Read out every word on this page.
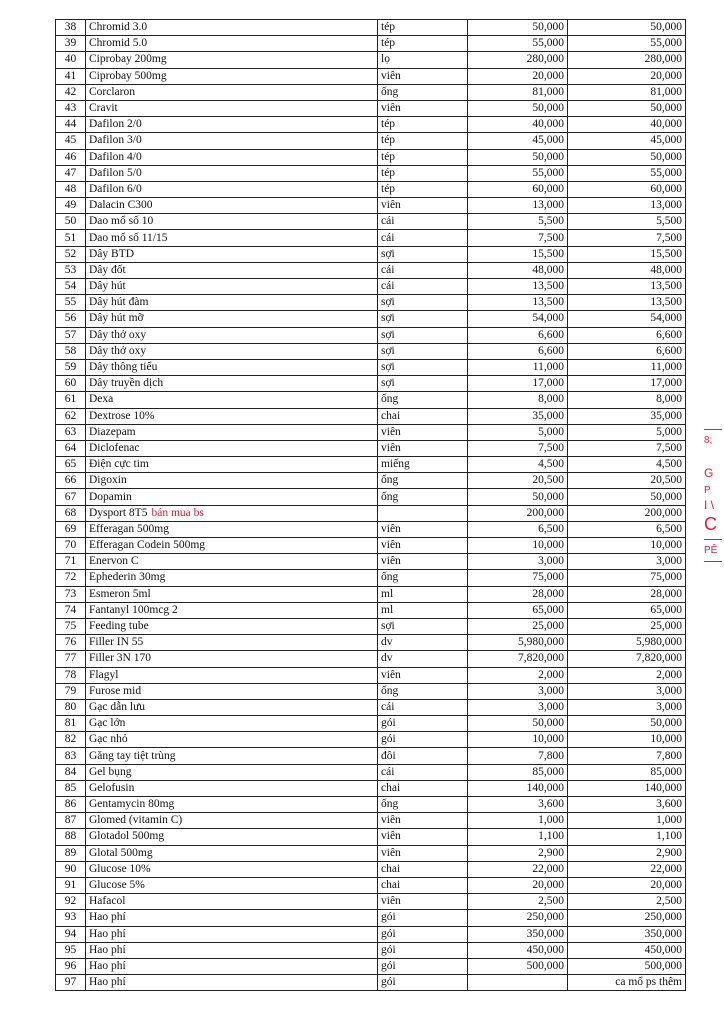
38	Chromid 3.0	tép	50,000	50,000
39	Chromid 5.0	tép	55,000	55,000
40	Ciprobay 200mg	lọ	280,000	280,000
41	Ciprobay 500mg	viên	20,000	20,000
42	Corclaron	ống	81,000	81,000
43	Cravit	viên	50,000	50,000
44	Dafilon 2/0	tép	40,000	40,000
45	Dafilon 3/0	tép	45,000	45,000
46	Dafilon 4/0	tép	50,000	50,000
47	Dafilon 5/0	tép	55,000	55,000
48	Dafilon 6/0	tép	60,000	60,000
49	Dalacin C300	viên	13,000	13,000
50	Dao mổ số 10	cái	5,500	5,500
51	Dao mổ số 11/15	cái	7,500	7,500
52	Dây BTD	sợi	15,500	15,500
53	Dây đốt	cái	48,000	48,000
54	Dây hút	cái	13,500	13,500
55	Dây hút đàm	sợi	13,500	13,500
56	Dây hút mỡ	sợi	54,000	54,000
57	Dây thở oxy	sợi	6,600	6,600
58	Dây thở oxy	sợi	6,600	6,600
59	Dây thông tiểu	sợi	11,000	11,000
60	Dây truyền dịch	sợi	17,000	17,000
61	Dexa	ống	8,000	8,000
62	Dextrose 10%	chai	35,000	35,000
63	Diazepam	viên	5,000	5,000
64	Diclofenac	viên	7,500	7,500
65	Điện cực tim	miếng	4,500	4,500
66	Digoxin	ống	20,500	20,500
67	Dopamin	ống	50,000	50,000
68	Dysport 8T5 bán mua bs		200,000	200,000
69	Efferagan 500mg	viên	6,500	6,500
70	Efferagan Codein 500mg	viên	10,000	10,000
71	Enervon C	viên	3,000	3,000
72	Ephederin 30mg	ống	75,000	75,000
73	Esmeron 5ml	ml	28,000	28,000
74	Fantanyl 100mcg 2	ml	65,000	65,000
75	Feeding tube	sợi	25,000	25,000
76	Filler IN 55	dv	5,980,000	5,980,000
77	Filler 3N 170	dv	7,820,000	7,820,000
78	Flagyl	viên	2,000	2,000
79	Furose mid	ống	3,000	3,000
80	Gạc dẫn lưu	cái	3,000	3,000
81	Gạc lớn	gói	50,000	50,000
82	Gạc nhỏ	gói	10,000	10,000
83	Găng tay tiệt trùng	đôi	7,800	7,800
84	Gel bụng	cái	85,000	85,000
85	Gelofusin	chai	140,000	140,000
86	Gentamycin 80mg	ống	3,600	3,600
87	Glomed (vitamin C)	viên	1,000	1,000
88	Glotadol 500mg	viên	1,100	1,100
89	Glotal 500mg	viên	2,900	2,900
90	Glucose 10%	chai	22,000	22,000
91	Glucose 5%	chai	20,000	20,000
92	Hafacol	viên	2,500	2,500
93	Hao phí	gói	250,000	250,000
94	Hao phí	gói	350,000	350,000
95	Hao phí	gói	450,000	450,000
96	Hao phí	gói	500,000	500,000
97	Hao phí	gói		ca mổ ps thêm
8;
G
P
I \
C
PÊ
